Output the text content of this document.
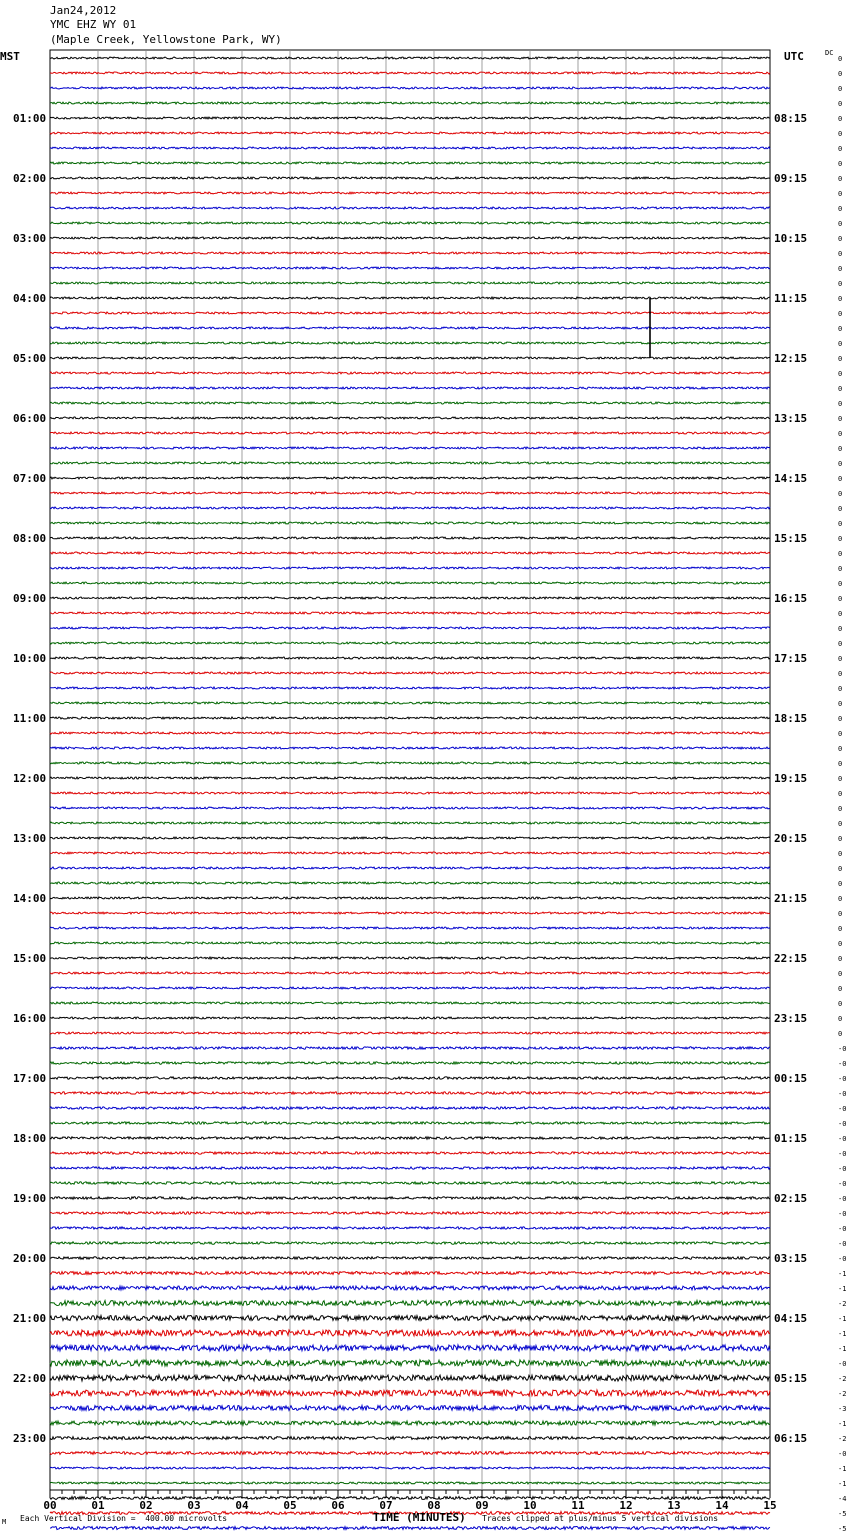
Jan24,2012
YMC EHZ WY 01
(Maple Creek, Yellowstone Park, WY)
MST	UTC	DC
0
0
0
0
0
0
0
0
0
0
0
0
0
0
0
0
0
0
0
0
0
0
0
0
0
0
0
0
0
0
0
0
0
0
0
0
0
0
0
0
0
0
0
0
0
0
0
0
0
0
0
0
0
0
0
0
0
0
0
0
0
0
0
0
0
0
-0
-0
-0
-0
-0
-0
-0
-0
-0
-0
-0
-0
-0
-0
-0
-1
-1
-2
-1
-1
-1
-0
-2
-2
-3
-1
-2
-0
-1
-1
-4
-5
-5
01:00	08:15
02:00	09:15
03:00	10:15
04:00	11:15
05:00	12:15
06:00	13:15
07:00	14:15
08:00	15:15
09:00	16:15
10:00	17:15
11:00	18:15
12:00	19:15
13:00	20:15
14:00	21:15
15:00	22:15
16:00	23:15
17:00	00:15
18:00	01:15
19:00	02:15
20:00	03:15
21:00	04:15
22:00	05:15
23:00	06:15
00	01	02	03	04	05	06	07	08	09	10	11	12	13	14	15
M Each Vertical Division =  400.00 microvolts	TIME (MINUTES) Traces clipped at plus/minus 5 vertical divisions
